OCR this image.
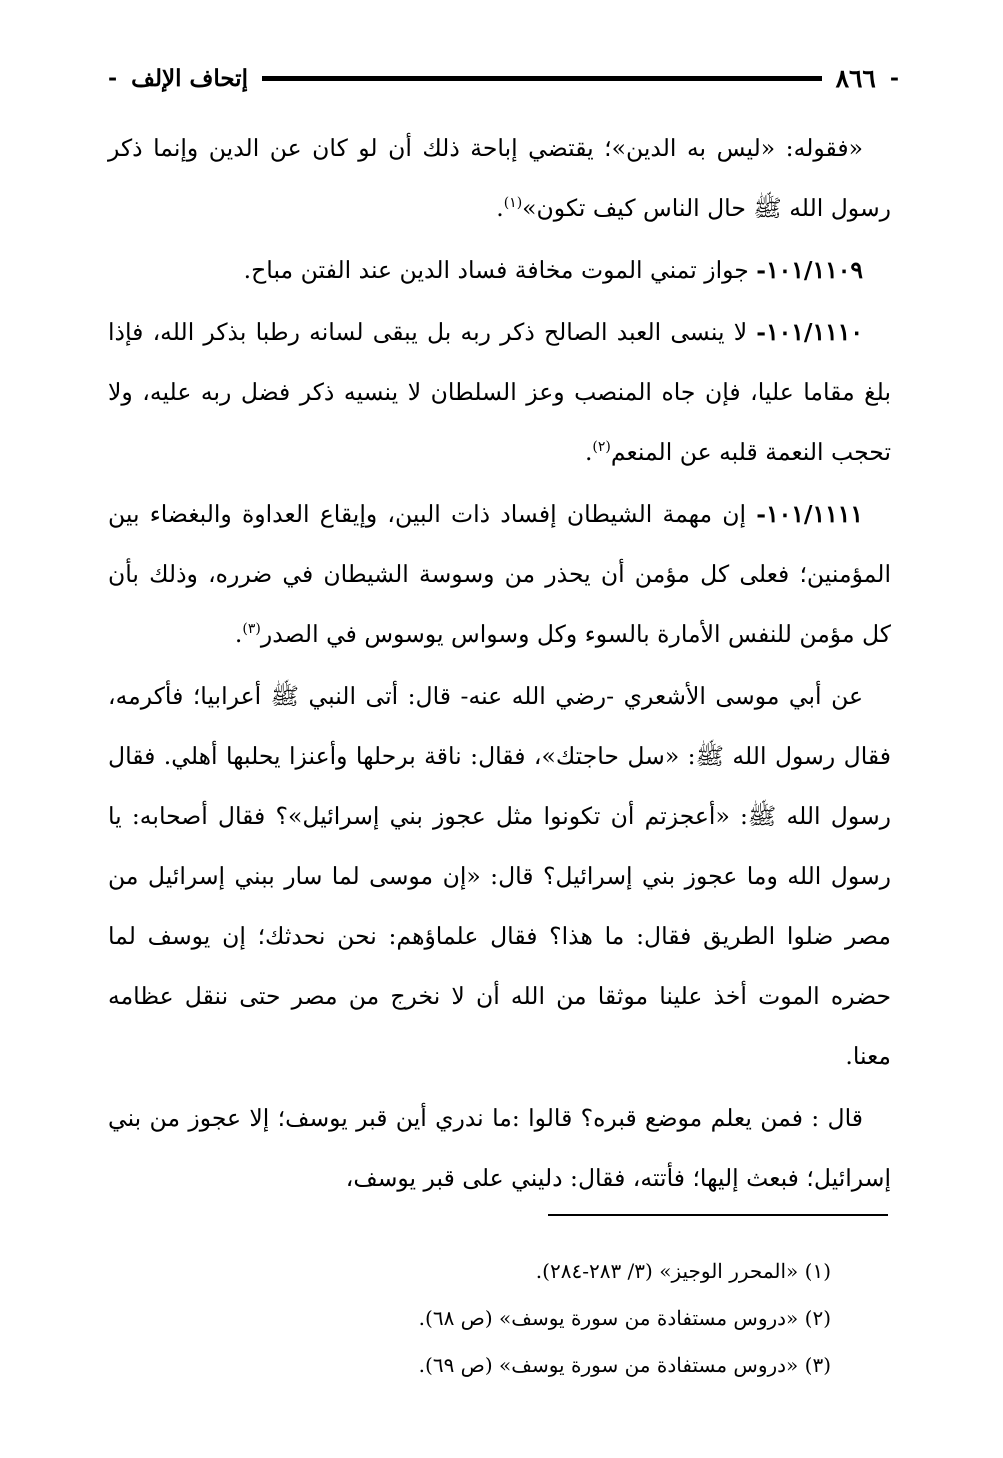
-
٨٦٦
إتحاف الإلف
-

«فقوله: «ليس به الدين»؛ يقتضي إباحة ذلك أن لو كان عن الدين وإنما ذكر رسول الله ﷺ حال الناس كيف تكون»$^{(١)}$.

١٠١/١١٠٩- جواز تمني الموت مخافة فساد الدين عند الفتن مباح.

١٠١/١١١٠- لا ينسى العبد الصالح ذكر ربه بل يبقى لسانه رطبا بذكر الله، فإذا بلغ مقاما عليا، فإن جاه المنصب وعز السلطان لا ينسيه ذكر فضل ربه عليه، ولا تحجب النعمة قلبه عن المنعم$^{(٢)}$.

١٠١/١١١١- إن مهمة الشيطان إفساد ذات البين، وإيقاع العداوة والبغضاء بين المؤمنين؛ فعلى كل مؤمن أن يحذر من وسوسة الشيطان في ضرره، وذلك بأن كل مؤمن للنفس الأمارة بالسوء وكل وسواس يوسوس في الصدر$^{(٣)}$.

عن أبي موسى الأشعري -رضي الله عنه- قال: أتى النبي ﷺ أعرابيا؛ فأكرمه، فقال رسول الله ﷺ: «سل حاجتك»، فقال: ناقة برحلها وأعنزا يحلبها أهلي. فقال رسول الله ﷺ: «أعجزتم أن تكونوا مثل عجوز بني إسرائيل»؟ فقال أصحابه: يا رسول الله وما عجوز بني إسرائيل؟ قال: «إن موسى لما سار ببني إسرائيل من مصر ضلوا الطريق فقال: ما هذا؟ فقال علماؤهم: نحن نحدثك؛ إن يوسف لما حضره الموت أخذ علينا موثقا من الله أن لا نخرج من مصر حتى ننقل عظامه معنا.

قال : فمن يعلم موضع قبره؟ قالوا :ما ندري أين قبر يوسف؛ إلا عجوز من بني إسرائيل؛ فبعث إليها؛ فأتته، فقال: دليني على قبر يوسف،

(١) «المحرر الوجيز» (٣/ ٢٨٣-٢٨٤).

(٢) «دروس مستفادة من سورة يوسف» (ص ٦٨).

(٣) «دروس مستفادة من سورة يوسف» (ص ٦٩).
